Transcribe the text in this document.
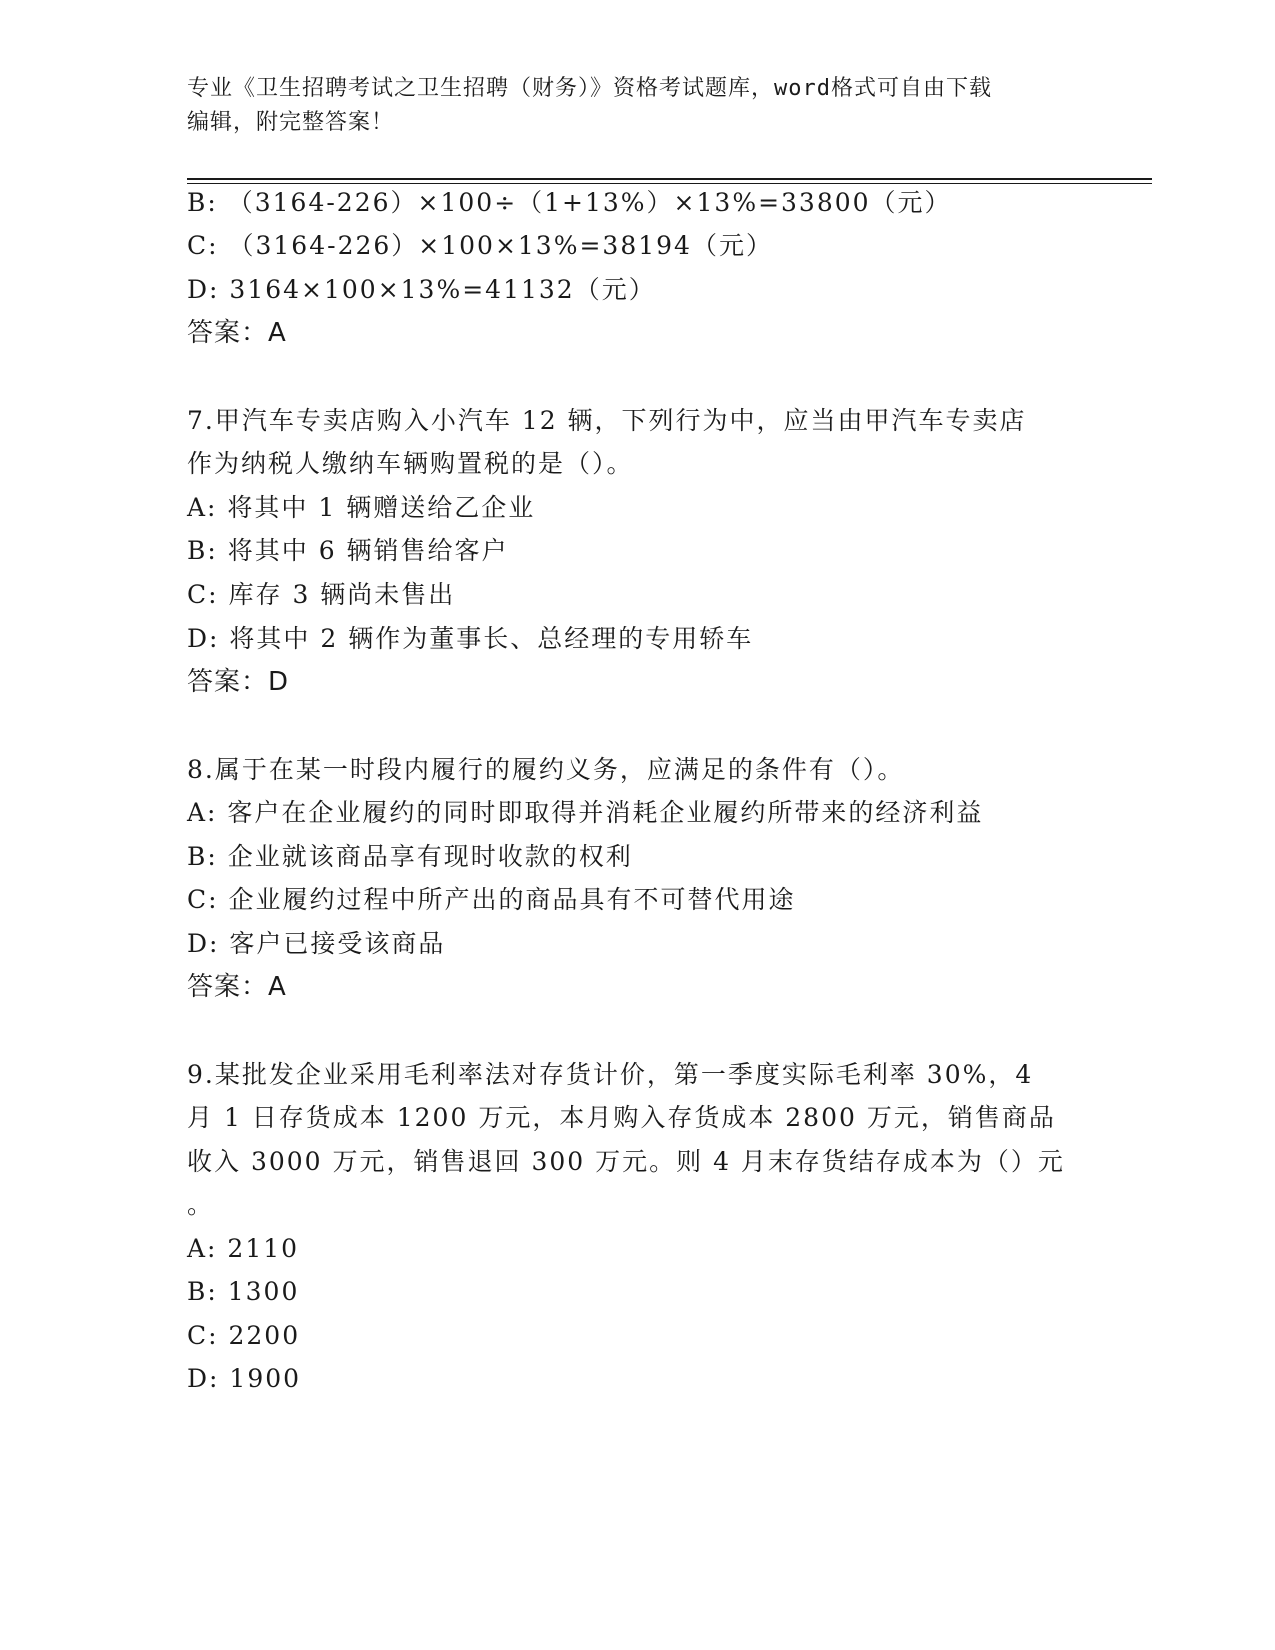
专业《卫生招聘考试之卫生招聘（财务）》资格考试题库，word格式可自由下载
编辑，附完整答案！
B: （3164-226）×100÷（1+13%）×13%=33800（元）
C: （3164-226）×100×13%=38194（元）
D: 3164×100×13%=41132（元）
答案：A
7.甲汽车专卖店购入小汽车 12 辆，下列行为中，应当由甲汽车专卖店
作为纳税人缴纳车辆购置税的是（）。
A: 将其中 1 辆赠送给乙企业
B: 将其中 6 辆销售给客户
C: 库存 3 辆尚未售出
D: 将其中 2 辆作为董事长、总经理的专用轿车
答案：D
8.属于在某一时段内履行的履约义务，应满足的条件有（）。
A: 客户在企业履约的同时即取得并消耗企业履约所带来的经济利益
B: 企业就该商品享有现时收款的权利
C: 企业履约过程中所产出的商品具有不可替代用途
D: 客户已接受该商品
答案：A
9.某批发企业采用毛利率法对存货计价，第一季度实际毛利率 30%，4
月 1 日存货成本 1200 万元，本月购入存货成本 2800 万元，销售商品
收入 3000 万元，销售退回 300 万元。则 4 月末存货结存成本为（）元
。
A: 2110
B: 1300
C: 2200
D: 1900
